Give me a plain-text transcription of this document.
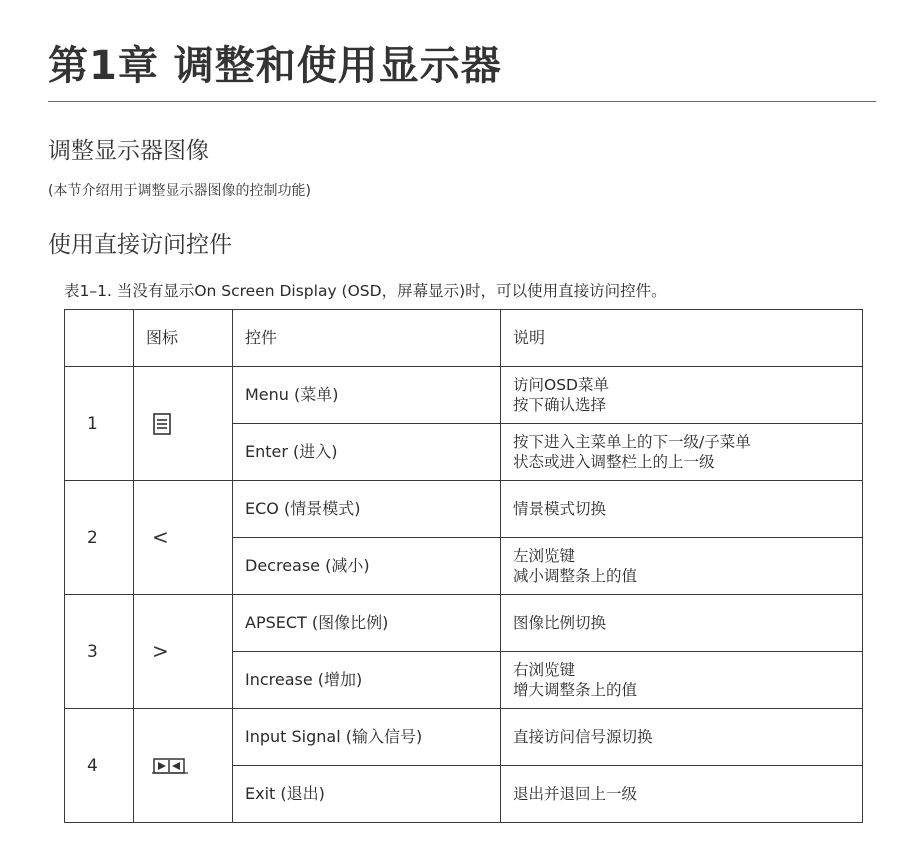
第1章 调整和使用显示器
调整显示器图像
(本节介绍用于调整显示器图像的控制功能)
使用直接访问控件
表1–1. 当没有显示On Screen Display (OSD，屏幕显示)时，可以使用直接访问控件。
	图标	控件	说明
1		Menu (菜单)	访问OSD菜单
按下确认选择

		Enter (进入)	按下进入主菜单上的下一级/子菜单
状态或进入调整栏上的上一级

2	<	ECO (情景模式)	情景模式切换

		Decrease (减小)	左浏览键
减小调整条上的值

3	>	APSECT (图像比例)	图像比例切换

		Increase (增加)	右浏览键
增大调整条上的值

4		Input Signal (输入信号)	直接访问信号源切换

		Exit (退出)	退出并退回上一级
